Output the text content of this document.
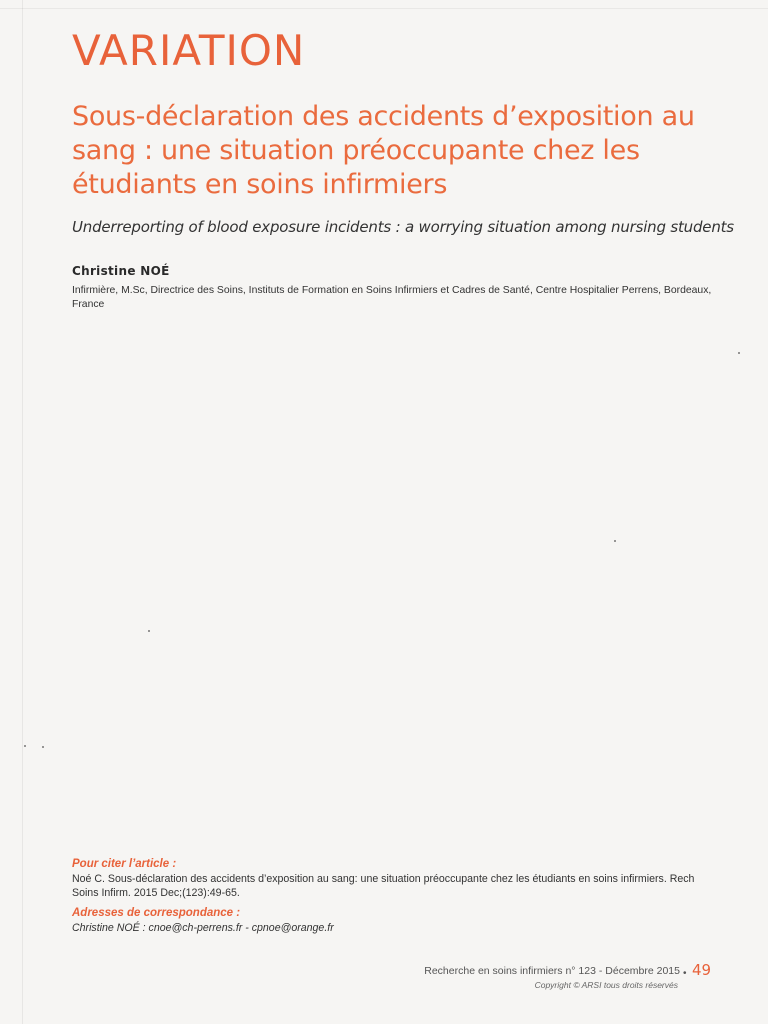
VARIATION
Sous-déclaration des accidents d’exposition au sang : une situation préoccupante chez les étudiants en soins infirmiers
Underreporting of blood exposure incidents : a worrying situation among nursing students
Christine NOÉ
Infirmière, M.Sc, Directrice des Soins, Instituts de Formation en Soins Infirmiers et Cadres de Santé, Centre Hospitalier Perrens, Bordeaux, France

Pour citer l’article :

Noé C. Sous-déclaration des accidents d’exposition au sang: une situation préoccupante chez les étudiants en soins infirmiers. Rech Soins Infirm. 2015 Dec;(123):49-65.

Adresses de correspondance :

Christine NOÉ : cnoe@ch-perrens.fr - cpnoe@orange.fr

Recherche en soins infirmiers n° 123 - Décembre 2015 • 49
Copyright © ARSI tous droits réservés
